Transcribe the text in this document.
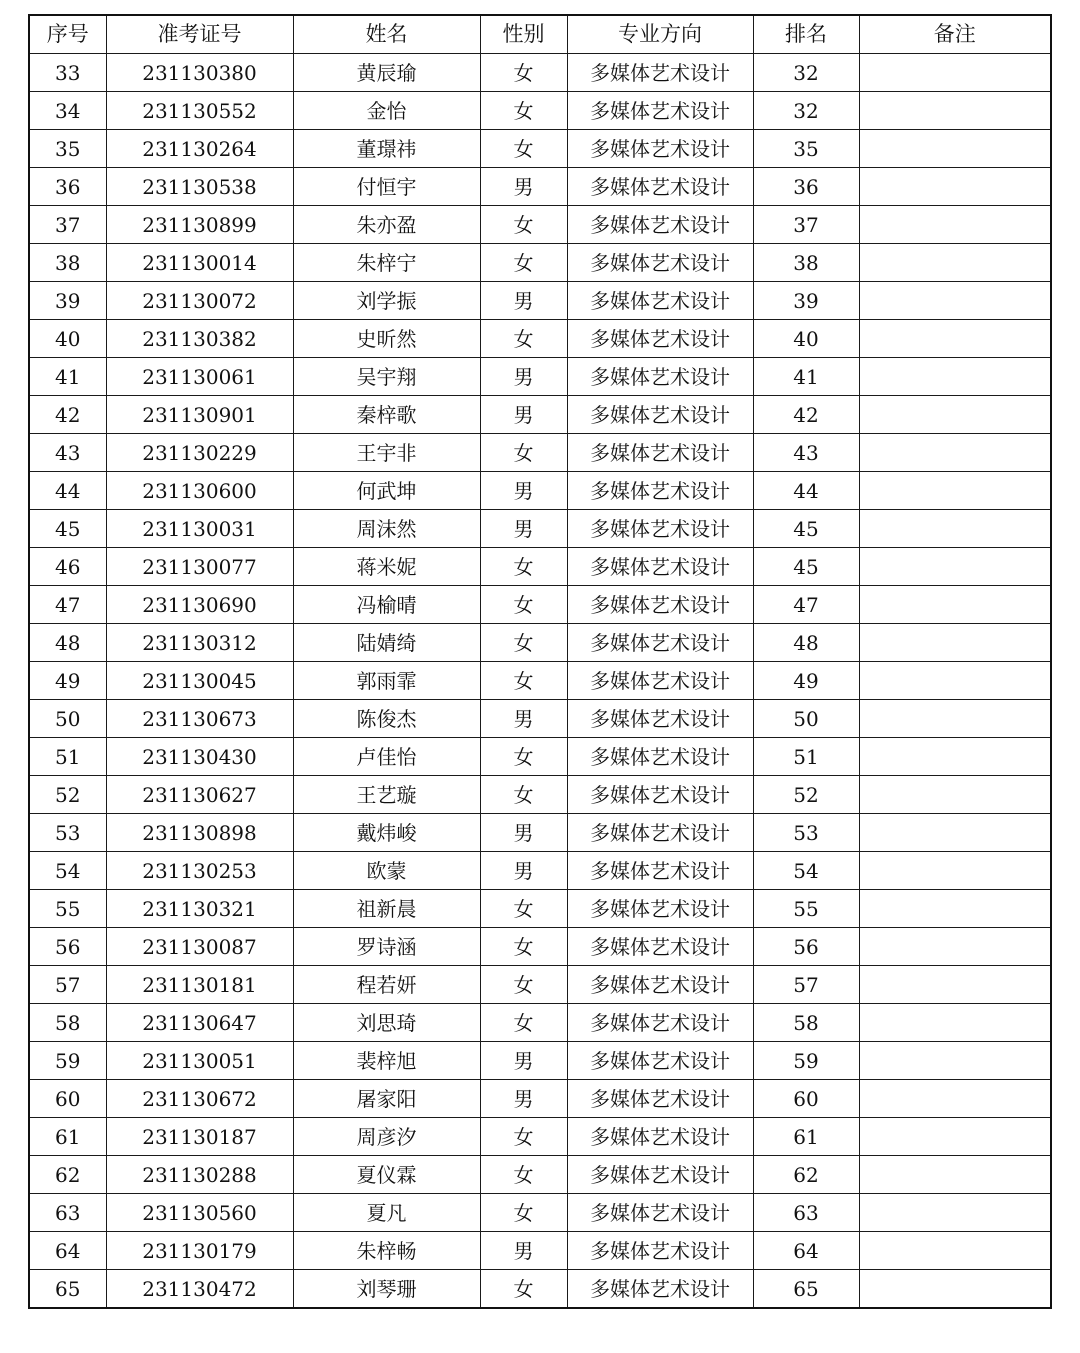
序号	准考证号	姓名	性别	专业方向	排名	备注
33	231130380	黄辰瑜	女	多媒体艺术设计	32	
34	231130552	金怡	女	多媒体艺术设计	32	
35	231130264	董璟祎	女	多媒体艺术设计	35	
36	231130538	付恒宇	男	多媒体艺术设计	36	
37	231130899	朱亦盈	女	多媒体艺术设计	37	
38	231130014	朱梓宁	女	多媒体艺术设计	38	
39	231130072	刘学振	男	多媒体艺术设计	39	
40	231130382	史昕然	女	多媒体艺术设计	40	
41	231130061	吴宇翔	男	多媒体艺术设计	41	
42	231130901	秦梓歌	男	多媒体艺术设计	42	
43	231130229	王宇非	女	多媒体艺术设计	43	
44	231130600	何武坤	男	多媒体艺术设计	44	
45	231130031	周沫然	男	多媒体艺术设计	45	
46	231130077	蒋米妮	女	多媒体艺术设计	45	
47	231130690	冯榆晴	女	多媒体艺术设计	47	
48	231130312	陆婧绮	女	多媒体艺术设计	48	
49	231130045	郭雨霏	女	多媒体艺术设计	49	
50	231130673	陈俊杰	男	多媒体艺术设计	50	
51	231130430	卢佳怡	女	多媒体艺术设计	51	
52	231130627	王艺璇	女	多媒体艺术设计	52	
53	231130898	戴炜峻	男	多媒体艺术设计	53	
54	231130253	欧蒙	男	多媒体艺术设计	54	
55	231130321	祖新晨	女	多媒体艺术设计	55	
56	231130087	罗诗涵	女	多媒体艺术设计	56	
57	231130181	程若妍	女	多媒体艺术设计	57	
58	231130647	刘思琦	女	多媒体艺术设计	58	
59	231130051	裴梓旭	男	多媒体艺术设计	59	
60	231130672	屠家阳	男	多媒体艺术设计	60	
61	231130187	周彦汐	女	多媒体艺术设计	61	
62	231130288	夏仪霖	女	多媒体艺术设计	62	
63	231130560	夏凡	女	多媒体艺术设计	63	
64	231130179	朱梓畅	男	多媒体艺术设计	64	
65	231130472	刘琴珊	女	多媒体艺术设计	65	
